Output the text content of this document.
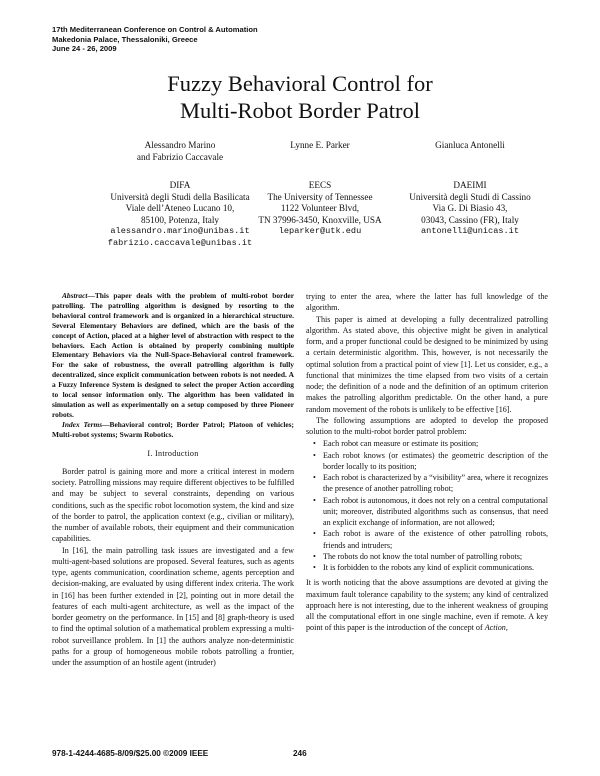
17th Mediterranean Conference on Control & Automation
Makedonia Palace, Thessaloniki, Greece
June 24 - 26, 2009
Fuzzy Behavioral Control for
Multi-Robot Border Patrol
Alessandro Marino
and Fabrizio Caccavale
Lynne E. Parker	Gianluca Antonelli
DIFA
Università degli Studi della Basilicata
Viale dell’Ateneo Lucano 10,
85100, Potenza, Italy
alessandro.marino@unibas.it
fabrizio.caccavale@unibas.it
EECS
The University of Tennessee
1122 Volunteer Blvd,
TN 37996-3450, Knoxville, USA
leparker@utk.edu
DAEIMI
Università degli Studi di Cassino
Via G. Di Biasio 43,
03043, Cassino (FR), Italy
antonelli@unicas.it

Abstract—This paper deals with the problem of multi-robot border patrolling. The patrolling algorithm is designed by resorting to the behavioral control framework and is organized in a hierarchical structure. Several Elementary Behaviors are defined, which are the basis of the concept of Action, placed at a higher level of abstraction with respect to the behaviors. Each Action is obtained by properly combining multiple Elementary Behaviors via the Null-Space-Behavioral control framework. For the sake of robustness, the overall patrolling algorithm is fully decentralized, since explicit communication between robots is not needed. A a Fuzzy Inference System is designed to select the proper Action according to local sensor information only. The algorithm has been validated in simulation as well as experimentally on a setup composed by three Pioneer robots.

Index Terms—Behavioral control; Border Patrol; Platoon of vehicles; Multi-robot systems; Swarm Robotics.

I. Introduction

Border patrol is gaining more and more a critical interest in modern society. Patrolling missions may require different objectives to be fulfilled and may be subject to several constraints, depending on various conditions, such as the specific robot locomotion system, the kind and size of the border to patrol, the application context (e.g., civilian or military), the number of available robots, their equipment and their communication capabilities.

In [16], the main patrolling task issues are investigated and a few multi-agent-based solutions are proposed. Several features, such as agents type, agents communication, coordination scheme, agents perception and decision-making, are evaluated by using different index criteria. The work in [16] has been further extended in [2], pointing out in more detail the features of each multi-agent architecture, as well as the impact of the border geometry on the performance. In [15] and [8] graph-theory is used to find the optimal solution of a mathematical problem expressing a multi-robot surveillance problem. In [1] the authors analyze non-deterministic paths for a group of homogeneous mobile robots patrolling a frontier, under the assumption of an hostile agent (intruder)

trying to enter the area, where the latter has full knowledge of the algorithm.

This paper is aimed at developing a fully decentralized patrolling algorithm. As stated above, this objective might be given in analytical form, and a proper functional could be designed to be minimized by using a certain deterministic algorithm. This, however, is not necessarily the optimal solution from a practical point of view [1]. Let us consider, e.g., a functional that minimizes the time elapsed from two visits of a certain node; the definition of a node and the definition of an optimum criterion makes the patrolling algorithm predictable. On the other hand, a pure random movement of the robots is unlikely to be effective [16].

The following assumptions are adopted to develop the proposed solution to the multi-robot border patrol problem:

• Each robot can measure or estimate its position;
• Each robot knows (or estimates) the geometric description of the border locally to its position;
• Each robot is characterized by a “visibility” area, where it recognizes the presence of another patrolling robot;
• Each robot is autonomous, it does not rely on a central computational unit; moreover, distributed algorithms such as consensus, that need an explicit exchange of information, are not allowed;
• Each robot is aware of the existence of other patrolling robots, friends and intruders;
• The robots do not know the total number of patrolling robots;
• It is forbidden to the robots any kind of explicit communications.

It is worth noticing that the above assumptions are devoted at giving the maximum fault tolerance capability to the system; any kind of centralized approach here is not interesting, due to the inherent weakness of grouping all the computational effort in one single machine, even if remote. A key point of this paper is the introduction of the concept of Action,

978-1-4244-4685-8/09/$25.00 ©2009 IEEE	246
